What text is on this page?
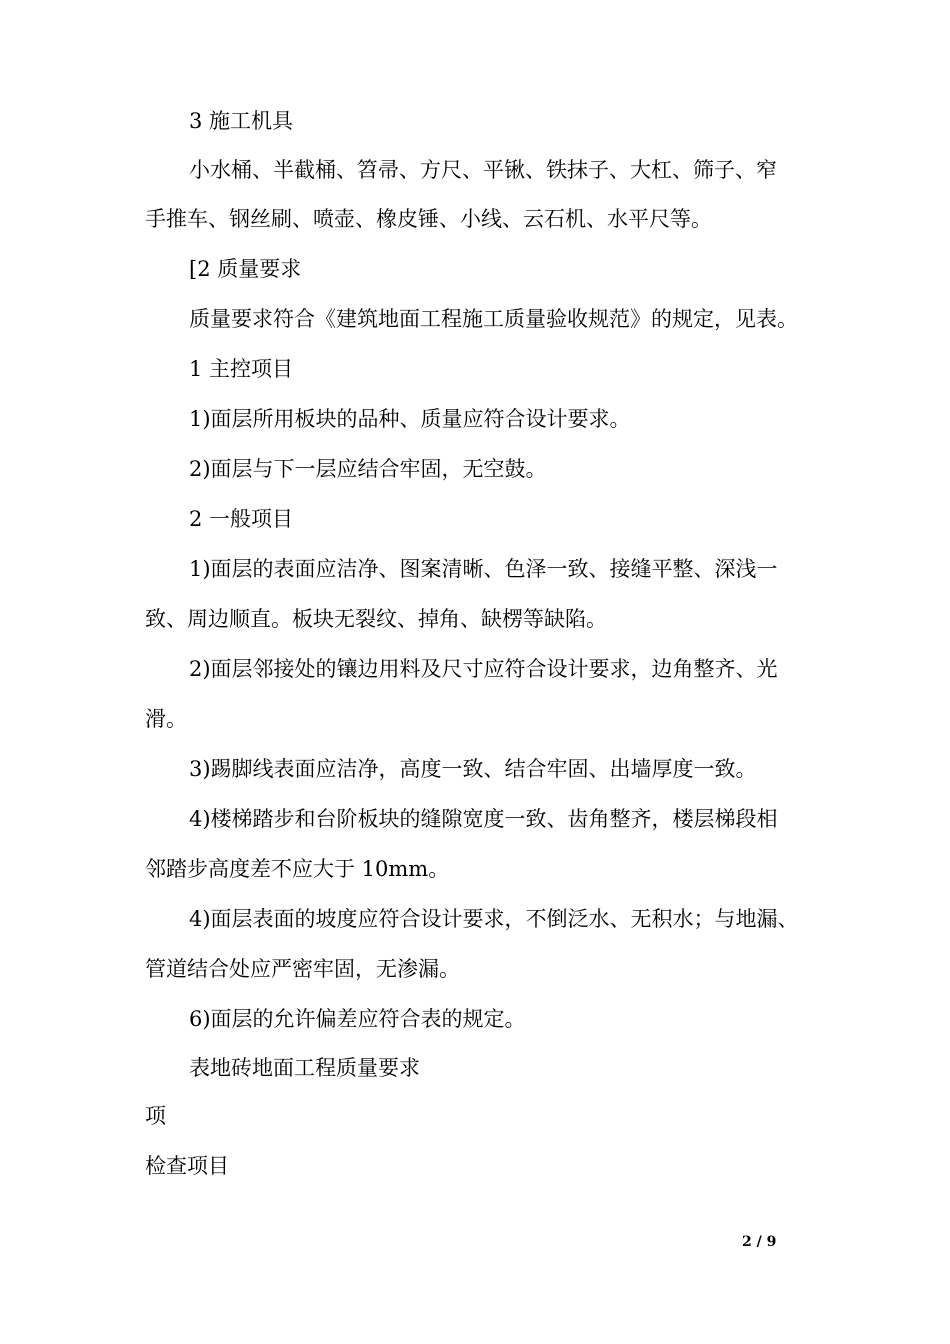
3 施工机具

小水桶、半截桶、笤帚、方尺、平锹、铁抹子、大杠、筛子、窄

手推车、钢丝刷、喷壶、橡皮锤、小线、云石机、水平尺等。

[2 质量要求

质量要求符合《建筑地面工程施工质量验收规范》的规定，见表。

1 主控项目

1)面层所用板块的品种、质量应符合设计要求。

2)面层与下一层应结合牢固，无空鼓。

2 一般项目

1)面层的表面应洁净、图案清晰、色泽一致、接缝平整、深浅一

致、周边顺直。板块无裂纹、掉角、缺楞等缺陷。

2)面层邻接处的镶边用料及尺寸应符合设计要求，边角整齐、光

滑。

3)踢脚线表面应洁净，高度一致、结合牢固、出墙厚度一致。

4)楼梯踏步和台阶板块的缝隙宽度一致、齿角整齐，楼层梯段相

邻踏步高度差不应大于 10mm。

4)面层表面的坡度应符合设计要求，不倒泛水、无积水；与地漏、

管道结合处应严密牢固，无渗漏。

6)面层的允许偏差应符合表的规定。

表地砖地面工程质量要求

项

检查项目

2 / 9
